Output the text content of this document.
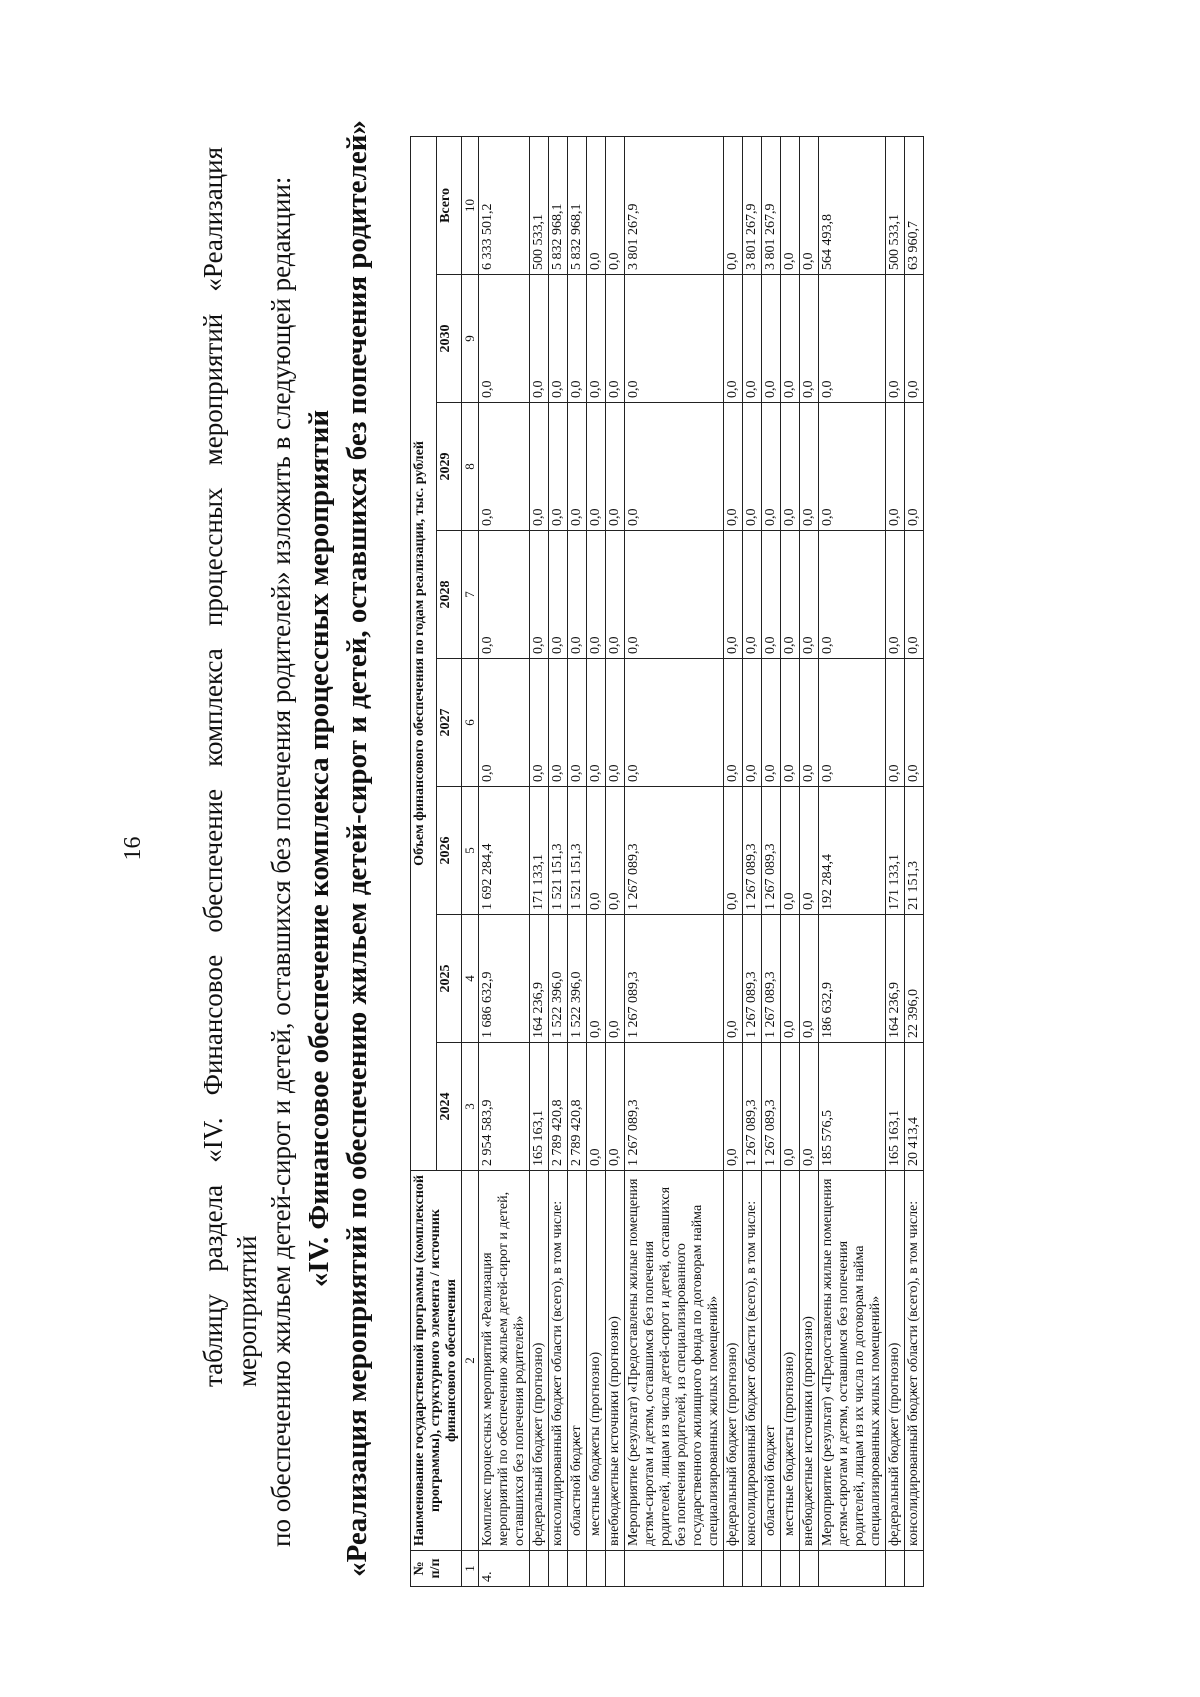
16 таблицу раздела «IV. Финансовое обеспечение комплекса процессных мероприятий «Реализация мероприятий по обеспечению жильем детей-сирот и детей, оставшихся без попечения родителей» изложить в следующей редакции: «IV. Финансовое обеспечение комплекса процессных мероприятий «Реализация мероприятий по обеспечению жильем детей-сирот и детей, оставшихся без попечения родителей»	№ п/п	Наименование государственной программы (комплексной программы), структурного элемента / источник финансового обеспечения	Объем финансового обеспечения по годам реализации, тыс. рублей							
		2024	2025	2026	2027	2028	2029	2030	Всего
1	2	3	4	5	6	7	8	9	10
4.	Комплекс процессных мероприятий «Реализация мероприятий по обеспечению жильем детей-сирот и детей, оставшихся без попечения родителей»	2 954 583,9	1 686 632,9	1 692 284,4	0,0	0,0	0,0	0,0	6 333 501,2
	федеральный бюджет (прогнозно)	165 163,1	164 236,9	171 133,1	0,0	0,0	0,0	0,0	500 533,1
	консолидированный бюджет области (всего), в том числе:	2 789 420,8	1 522 396,0	1 521 151,3	0,0	0,0	0,0	0,0	5 832 968,1
	областной бюджет	2 789 420,8	1 522 396,0	1 521 151,3	0,0	0,0	0,0	0,0	5 832 968,1
	местные бюджеты (прогнозно)	0,0	0,0	0,0	0,0	0,0	0,0	0,0	0,0
	внебюджетные источники (прогнозно)	0,0	0,0	0,0	0,0	0,0	0,0	0,0	0,0
	Мероприятие (результат) «Предоставлены жилые помещения детям-сиротам и детям, оставшимся без попечения родителей, лицам из числа детей-сирот и детей, оставшихся без попечения родителей, из специализированного государственного жилищного фонда по договорам найма специализированных жилых помещений»	1 267 089,3	1 267 089,3	1 267 089,3	0,0	0,0	0,0	0,0	3 801 267,9
	федеральный бюджет (прогнозно)	0,0	0,0	0,0	0,0	0,0	0,0	0,0	0,0
	консолидированный бюджет области (всего), в том числе:	1 267 089,3	1 267 089,3	1 267 089,3	0,0	0,0	0,0	0,0	3 801 267,9
	областной бюджет	1 267 089,3	1 267 089,3	1 267 089,3	0,0	0,0	0,0	0,0	3 801 267,9
	местные бюджеты (прогнозно)	0,0	0,0	0,0	0,0	0,0	0,0	0,0	0,0
	внебюджетные источники (прогнозно)	0,0	0,0	0,0	0,0	0,0	0,0	0,0	0,0
	Мероприятие (результат) «Предоставлены жилые помещения детям-сиротам и детям, оставшимся без попечения родителей, лицам из их числа по договорам найма специализированных жилых помещений»	185 576,5	186 632,9	192 284,4	0,0	0,0	0,0	0,0	564 493,8
	федеральный бюджет (прогнозно)	165 163,1	164 236,9	171 133,1	0,0	0,0	0,0	0,0	500 533,1
	консолидированный бюджет области (всего), в том числе:	20 413,4	22 396,0	21 151,3	0,0	0,0	0,0	0,0	63 960,7
